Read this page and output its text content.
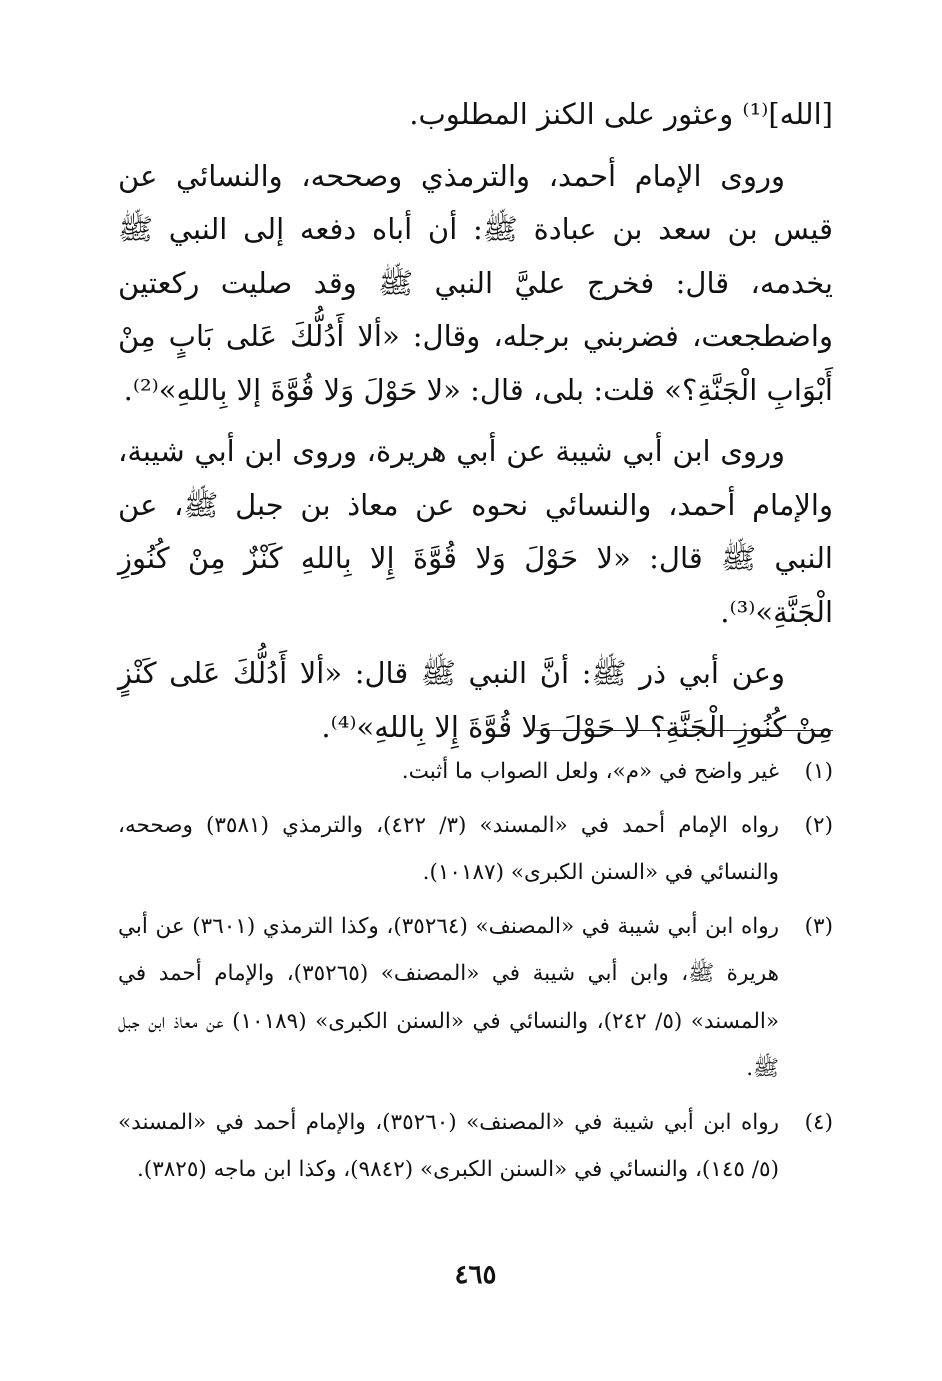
[الله]⁽¹⁾ وعثور على الكنز المطلوب.

وروى الإمام أحمد، والترمذي وصححه، والنسائي عن قيس بن سعد بن عبادة ﷺ: أن أباه دفعه إلى النبي ﷺ يخدمه، قال: فخرج عليَّ النبي ﷺ وقد صليت ركعتين واضطجعت، فضربني برجله، وقال: «ألا أَدُلُّكَ عَلى بَابٍ مِنْ أَبْوَابِ الْجَنَّةِ؟» قلت: بلى، قال: «لا حَوْلَ وَلا قُوَّةَ إلا بِاللهِ»⁽²⁾.

وروى ابن أبي شيبة عن أبي هريرة، وروى ابن أبي شيبة، والإمام أحمد، والنسائي نحوه عن معاذ بن جبل ﷺ، عن النبي ﷺ قال: «لا حَوْلَ وَلا قُوَّةَ إِلا بِاللهِ كَنْزٌ مِنْ كُنُوزِ الْجَنَّةِ»⁽³⁾.

وعن أبي ذر ﷺ: أنَّ النبي ﷺ قال: «ألا أَدُلُّكَ عَلى كَنْزٍ مِنْ كُنُوزِ الْجَنَّةِ؟ لا حَوْلَ وَلا قُوَّةَ إِلا بِاللهِ»⁽⁴⁾.

(١)
غير واضح في «م»، ولعل الصواب ما أثبت.
(٢)
رواه الإمام أحمد في «المسند» (٣/ ٤٢٢)، والترمذي (٣٥٨١) وصححه، والنسائي في «السنن الكبرى» (١٠١٨٧).
(٣)
رواه ابن أبي شيبة في «المصنف» (٣٥٢٦٤)، وكذا الترمذي (٣٦٠١) عن أبي هريرة ﷺ، وابن أبي شيبة في «المصنف» (٣٥٢٦٥)، والإمام أحمد في «المسند» (٥/ ٢٤٢)، والنسائي في «السنن الكبرى» (١٠١٨٩) عن معاذ ابن جبل ﷺ.
(٤)
رواه ابن أبي شيبة في «المصنف» (٣٥٢٦٠)، والإمام أحمد في «المسند» (٥/ ١٤٥)، والنسائي في «السنن الكبرى» (٩٨٤٢)، وكذا ابن ماجه (٣٨٢٥).
٤٦٥
